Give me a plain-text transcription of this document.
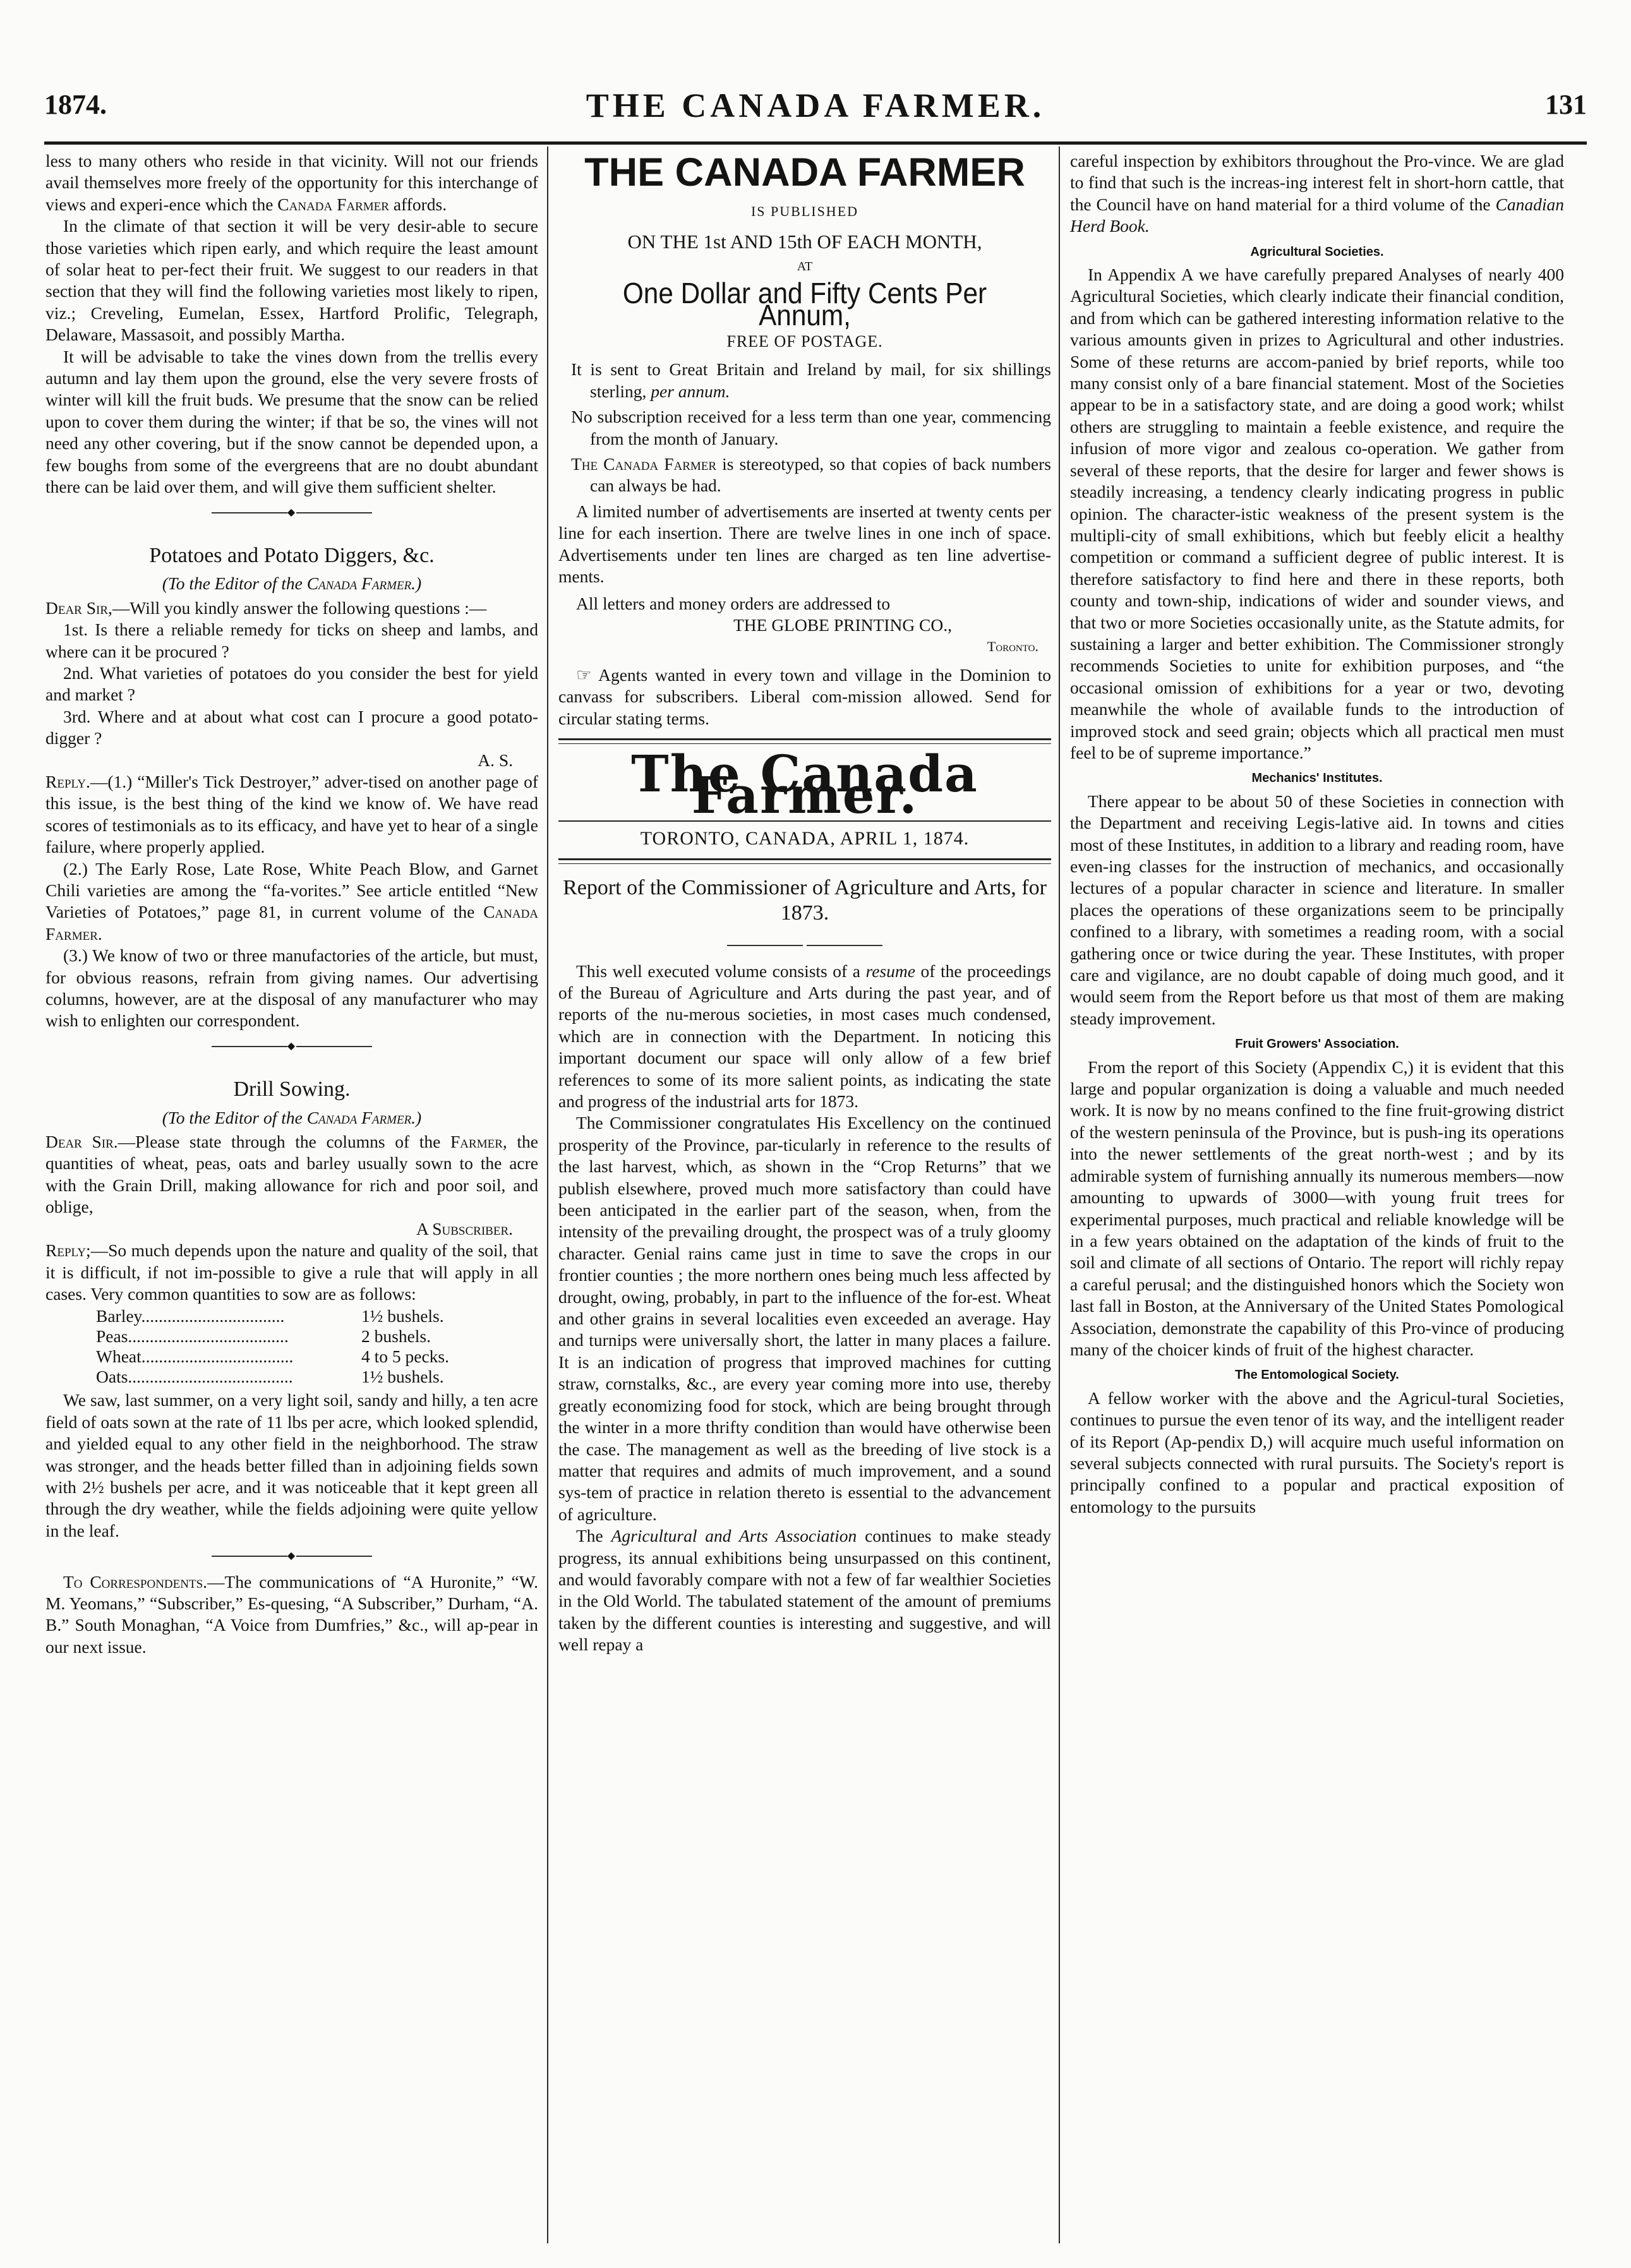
1874.	THE CANADA FARMER.	131

less to many others who reside in that vicinity. Will not our friends avail themselves more freely of the opportunity for this interchange of views and experi-ence which the Canada Farmer affords.

In the climate of that section it will be very desir-able to secure those varieties which ripen early, and which require the least amount of solar heat to per-fect their fruit. We suggest to our readers in that section that they will find the following varieties most likely to ripen, viz.; Creveling, Eumelan, Essex, Hartford Prolific, Telegraph, Delaware, Massasoit, and possibly Martha.

It will be advisable to take the vines down from the trellis every autumn and lay them upon the ground, else the very severe frosts of winter will kill the fruit buds. We presume that the snow can be relied upon to cover them during the winter; if that be so, the vines will not need any other covering, but if the snow cannot be depended upon, a few boughs from some of the evergreens that are no doubt abundant there can be laid over them, and will give them sufficient shelter.

◆
Potatoes and Potato Diggers, &c.
(To the Editor of the Canada Farmer.)

Dear Sir,—Will you kindly answer the following questions :—

1st. Is there a reliable remedy for ticks on sheep and lambs, and where can it be procured ?

2nd. What varieties of potatoes do you consider the best for yield and market ?

3rd. Where and at about what cost can I procure a good potato-digger ?

A. S.

Reply.—(1.) “Miller's Tick Destroyer,” adver-tised on another page of this issue, is the best thing of the kind we know of. We have read scores of testimonials as to its efficacy, and have yet to hear of a single failure, where properly applied.

(2.) The Early Rose, Late Rose, White Peach Blow, and Garnet Chili varieties are among the “fa-vorites.” See article entitled “New Varieties of Potatoes,” page 81, in current volume of the Canada Farmer.

(3.) We know of two or three manufactories of the article, but must, for obvious reasons, refrain from giving names. Our advertising columns, however, are at the disposal of any manufacturer who may wish to enlighten our correspondent.

◆
Drill Sowing.
(To the Editor of the Canada Farmer.)

Dear Sir.—Please state through the columns of the Farmer, the quantities of wheat, peas, oats and barley usually sown to the acre with the Grain Drill, making allowance for rich and poor soil, and oblige,

A Subscriber.

Reply;—So much depends upon the nature and quality of the soil, that it is difficult, if not im-possible to give a rule that will apply in all cases. Very common quantities to sow are as follows:

Barley.................................	1½ bushels.
Peas.....................................	2 bushels.
Wheat...................................	4 to 5 pecks.
Oats......................................	1½ bushels.

We saw, last summer, on a very light soil, sandy and hilly, a ten acre field of oats sown at the rate of 11 lbs per acre, which looked splendid, and yielded equal to any other field in the neighborhood. The straw was stronger, and the heads better filled than in adjoining fields sown with 2½ bushels per acre, and it was noticeable that it kept green all through the dry weather, while the fields adjoining were quite yellow in the leaf.

◆

To Correspondents.—The communications of “A Huronite,” “W. M. Yeomans,” “Subscriber,” Es-quesing, “A Subscriber,” Durham, “A. B.” South Monaghan, “A Voice from Dumfries,” &c., will ap-pear in our next issue.

THE CANADA FARMER
IS PUBLISHED
ON THE 1st AND 15th OF EACH MONTH,
AT
One Dollar and Fifty Cents Per Annum,
FREE OF POSTAGE.

It is sent to Great Britain and Ireland by mail, for six shillings sterling, per annum.

No subscription received for a less term than one year, commencing from the month of January.

The Canada Farmer is stereotyped, so that copies of back numbers can always be had.

A limited number of advertisements are inserted at twenty cents per line for each insertion. There are twelve lines in one inch of space. Advertisements under ten lines are charged as ten line advertise-ments.

All letters and money orders are addressed to

THE GLOBE PRINTING CO.,
Toronto.

☞ Agents wanted in every town and village in the Dominion to canvass for subscribers. Liberal com-mission allowed. Send for circular stating terms.

The Canada Farmer.
TORONTO, CANADA, APRIL 1, 1874.
Report of the Commissioner of Agriculture and Arts, for 1873.

This well executed volume consists of a resume of the proceedings of the Bureau of Agriculture and Arts during the past year, and of reports of the nu-merous societies, in most cases much condensed, which are in connection with the Department. In noticing this important document our space will only allow of a few brief references to some of its more salient points, as indicating the state and progress of the industrial arts for 1873.

The Commissioner congratulates His Excellency on the continued prosperity of the Province, par-ticularly in reference to the results of the last harvest, which, as shown in the “Crop Returns” that we publish elsewhere, proved much more satisfactory than could have been anticipated in the earlier part of the season, when, from the intensity of the prevailing drought, the prospect was of a truly gloomy character. Genial rains came just in time to save the crops in our frontier counties ; the more northern ones being much less affected by drought, owing, probably, in part to the influence of the for-est. Wheat and other grains in several localities even exceeded an average. Hay and turnips were universally short, the latter in many places a failure. It is an indication of progress that improved machines for cutting straw, cornstalks, &c., are every year coming more into use, thereby greatly economizing food for stock, which are being brought through the winter in a more thrifty condition than would have otherwise been the case. The management as well as the breeding of live stock is a matter that requires and admits of much improvement, and a sound sys-tem of practice in relation thereto is essential to the advancement of agriculture.

The Agricultural and Arts Association continues to make steady progress, its annual exhibitions being unsurpassed on this continent, and would favorably compare with not a few of far wealthier Societies in the Old World. The tabulated statement of the amount of premiums taken by the different counties is interesting and suggestive, and will well repay a

careful inspection by exhibitors throughout the Pro-vince. We are glad to find that such is the increas-ing interest felt in short-horn cattle, that the Council have on hand material for a third volume of the Canadian Herd Book.

Agricultural Societies.

In Appendix A we have carefully prepared Analyses of nearly 400 Agricultural Societies, which clearly indicate their financial condition, and from which can be gathered interesting information relative to the various amounts given in prizes to Agricultural and other industries. Some of these returns are accom-panied by brief reports, while too many consist only of a bare financial statement. Most of the Societies appear to be in a satisfactory state, and are doing a good work; whilst others are struggling to maintain a feeble existence, and require the infusion of more vigor and zealous co-operation. We gather from several of these reports, that the desire for larger and fewer shows is steadily increasing, a tendency clearly indicating progress in public opinion. The character-istic weakness of the present system is the multipli-city of small exhibitions, which but feebly elicit a healthy competition or command a sufficient degree of public interest. It is therefore satisfactory to find here and there in these reports, both county and town-ship, indications of wider and sounder views, and that two or more Societies occasionally unite, as the Statute admits, for sustaining a larger and better exhibition. The Commissioner strongly recommends Societies to unite for exhibition purposes, and “the occasional omission of exhibitions for a year or two, devoting meanwhile the whole of available funds to the introduction of improved stock and seed grain; objects which all practical men must feel to be of supreme importance.”

Mechanics' Institutes.

There appear to be about 50 of these Societies in connection with the Department and receiving Legis-lative aid. In towns and cities most of these Institutes, in addition to a library and reading room, have even-ing classes for the instruction of mechanics, and occasionally lectures of a popular character in science and literature. In smaller places the operations of these organizations seem to be principally confined to a library, with sometimes a reading room, with a social gathering once or twice during the year. These Institutes, with proper care and vigilance, are no doubt capable of doing much good, and it would seem from the Report before us that most of them are making steady improvement.

Fruit Growers' Association.

From the report of this Society (Appendix C,) it is evident that this large and popular organization is doing a valuable and much needed work. It is now by no means confined to the fine fruit-growing district of the western peninsula of the Province, but is push-ing its operations into the newer settlements of the great north-west ; and by its admirable system of furnishing annually its numerous members—now amounting to upwards of 3000—with young fruit trees for experimental purposes, much practical and reliable knowledge will be in a few years obtained on the adaptation of the kinds of fruit to the soil and climate of all sections of Ontario. The report will richly repay a careful perusal; and the distinguished honors which the Society won last fall in Boston, at the Anniversary of the United States Pomological Association, demonstrate the capability of this Pro-vince of producing many of the choicer kinds of fruit of the highest character.

The Entomological Society.

A fellow worker with the above and the Agricul-tural Societies, continues to pursue the even tenor of its way, and the intelligent reader of its Report (Ap-pendix D,) will acquire much useful information on several subjects connected with rural pursuits. The Society's report is principally confined to a popular and practical exposition of entomology to the pursuits
